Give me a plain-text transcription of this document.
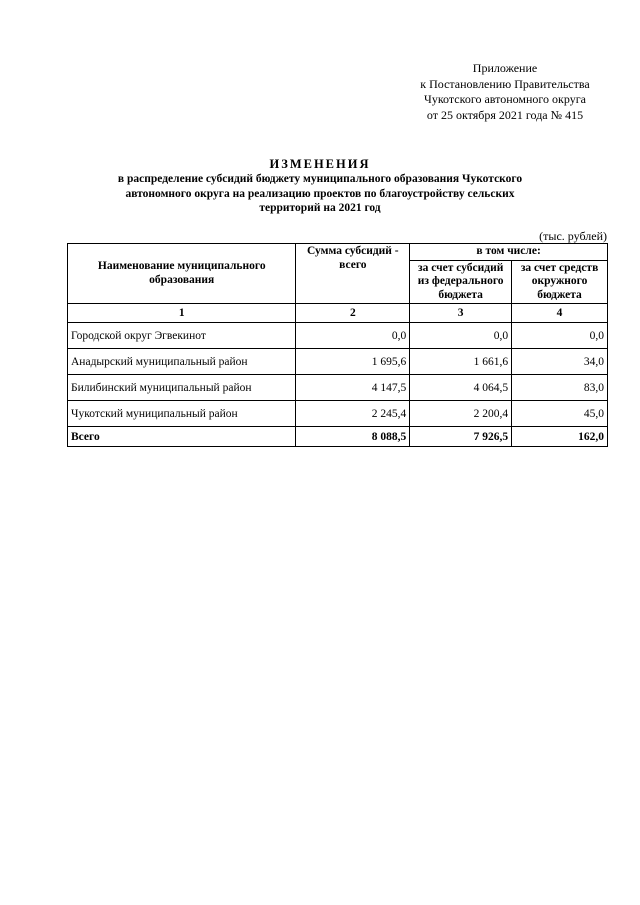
Приложение
к Постановлению Правительства
Чукотского автономного округа
от 25 октября 2021 года № 415
ИЗМЕНЕНИЯ
в распределение субсидий бюджету муниципального образования Чукотского
автономного округа на реализацию проектов по благоустройству сельских
территорий на 2021 год
(тыс. рублей)
Наименование муниципального образования	Сумма субсидий - всего	в том числе:	
		за счет субсидий из федерального бюджета	за счет средств окружного бюджета
1	2	3	4
Городской округ Эгвекинот	0,0	0,0	0,0
Анадырский муниципальный район	1 695,6	1 661,6	34,0
Билибинский муниципальный район	4 147,5	4 064,5	83,0
Чукотский муниципальный район	2 245,4	2 200,4	45,0
Всего	8 088,5	7 926,5	162,0
